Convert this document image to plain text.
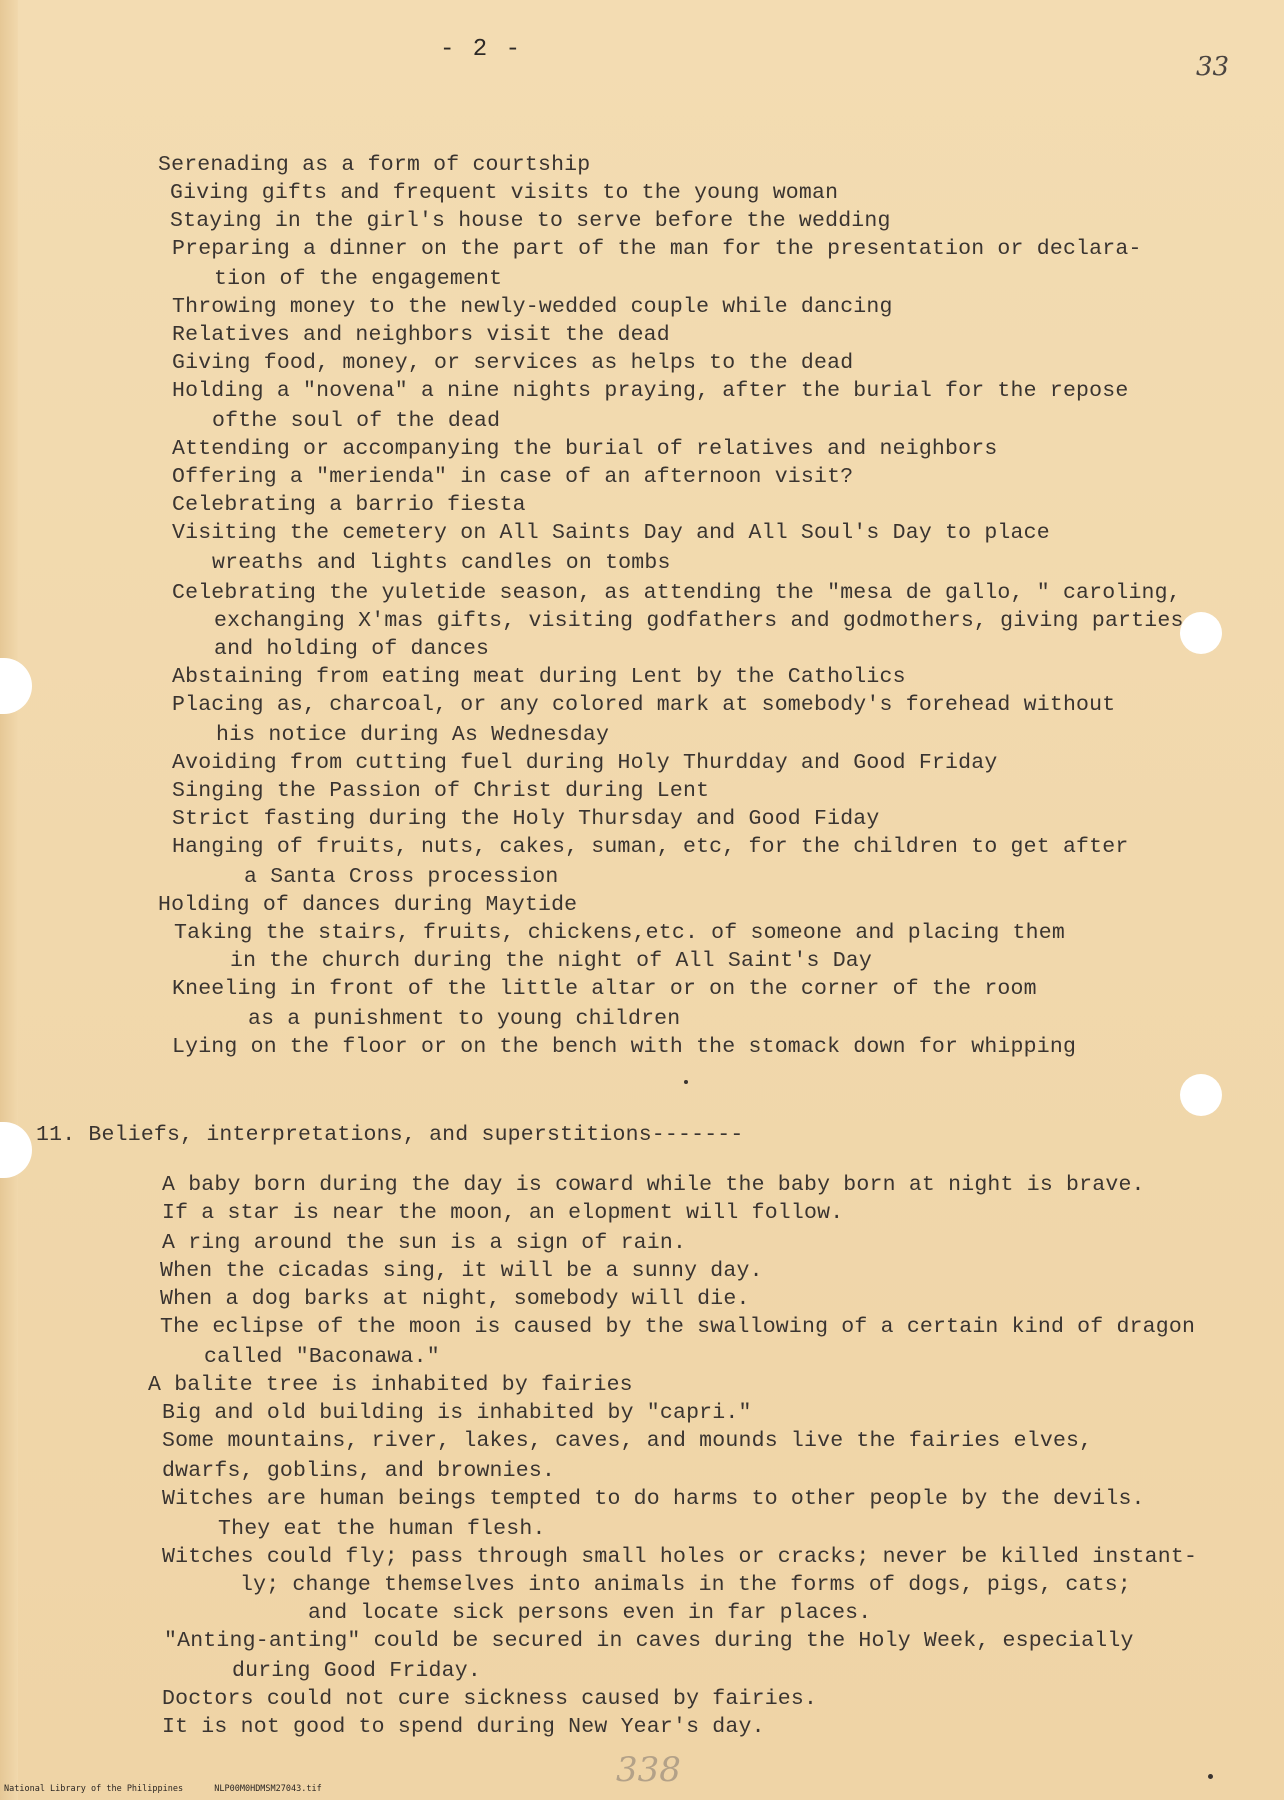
- 2 -
33
Serenading as a form of courtship
Giving gifts and frequent visits to the young woman
Staying in the girl's house to serve before the wedding
Preparing a dinner on the part of the man for the presentation or declara-
tion of the engagement
Throwing money to the newly-wedded couple while dancing
Relatives and neighbors visit the dead
Giving food, money, or services as helps to the dead
Holding a "novena" a nine nights praying, after the burial for the repose
ofthe soul of the dead
Attending or accompanying the burial of relatives and neighbors
Offering a "merienda" in case of an afternoon visit?
Celebrating a barrio fiesta
Visiting the cemetery on All Saints Day and All Soul's Day to place
wreaths and lights candles on tombs
Celebrating the yuletide season, as attending the "mesa de gallo, " caroling,
exchanging X'mas gifts, visiting godfathers and godmothers, giving parties
and holding of dances
Abstaining from eating meat during Lent by the Catholics
Placing as, charcoal, or any colored mark at somebody's forehead without
his notice during As Wednesday
Avoiding from cutting fuel during Holy Thurdday and Good Friday
Singing the Passion of Christ during Lent
Strict fasting during the Holy Thursday and Good Fiday
Hanging of fruits, nuts, cakes, suman, etc, for the children to get after
a Santa Cross procession
Holding of dances during Maytide
Taking the stairs, fruits, chickens,etc. of someone and placing them
in the church during the night of All Saint's Day
Kneeling in front of the little altar or on the corner of the room
as a punishment to young children
Lying on the floor or on the bench with the stomack down for whipping
11. Beliefs, interpretations, and superstitions-------
A baby born during the day is coward while the baby born at night is brave.
If a star is near the moon, an elopment will follow.
A ring around the sun is a sign of rain.
When the cicadas sing, it will be a sunny day.
When a dog barks at night, somebody will die.
The eclipse of the moon is caused by the swallowing of a certain kind of dragon
called "Baconawa."
A balite tree is inhabited by fairies
Big and old building is inhabited by "capri."
Some mountains, river, lakes, caves, and mounds live the fairies elves,
dwarfs, goblins, and brownies.
Witches are human beings tempted to do harms to other people by the devils.
They eat the human flesh.
Witches could fly; pass through small holes or cracks; never be killed instant-
ly; change themselves into animals in the forms of dogs, pigs, cats;
and locate sick persons even in far places.
"Anting-anting" could be secured in caves during the Holy Week, especially
during Good Friday.
Doctors could not cure sickness caused by fairies.
It is not good to spend during New Year's day.
338
National Library of the Philippines	NLP00M0HDMSM27043.tif
